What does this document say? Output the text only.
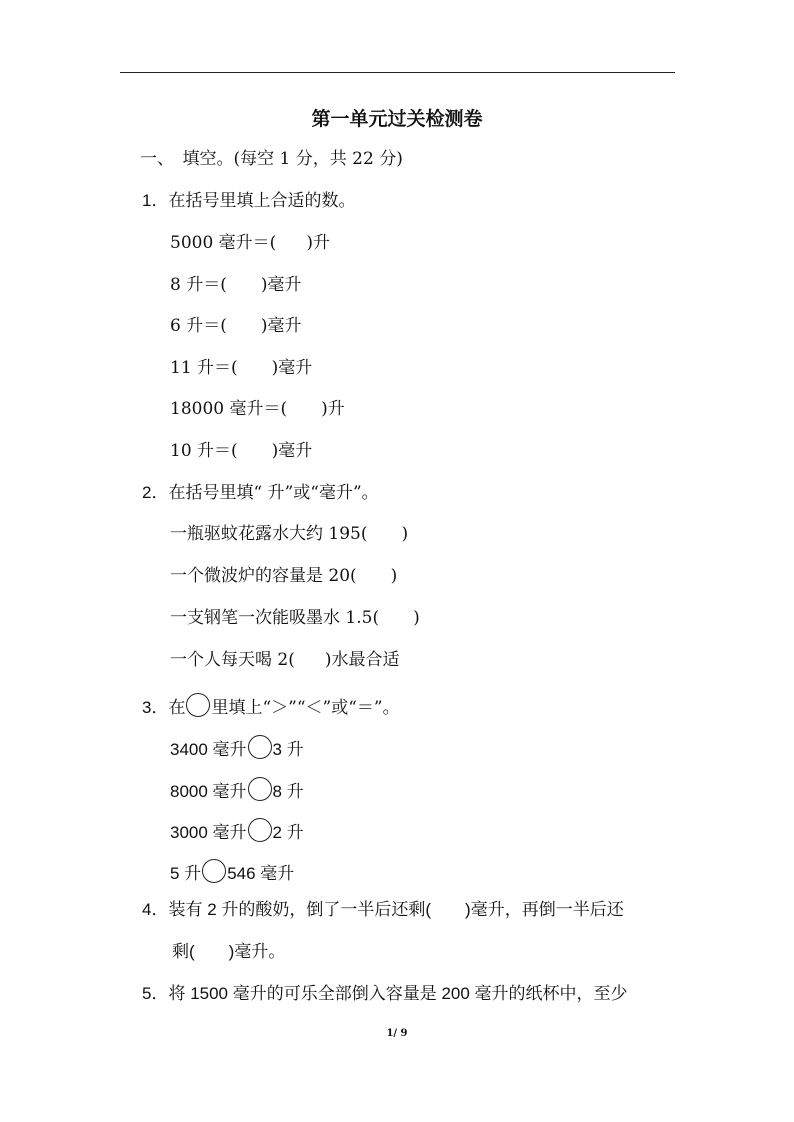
第一单元过关检测卷
一、　填空。(每空 1 分，共 22 分)
1．在括号里填上合适的数。
5000 毫升＝( )升
8 升＝( )毫升
6 升＝( )毫升
11 升＝( )毫升
18000 毫升＝( )升
10 升＝( )毫升
2．在括号里填“ 升”或“毫升”。
一瓶驱蚊花露水大约 195( )
一个微波炉的容量是 20( )
一支钢笔一次能吸墨水 1.5( )
一个人每天喝 2( )水最合适
3．在 里填上“＞”“＜”或“＝”。
3400 毫升 3 升
8000 毫升 8 升
3000 毫升 2 升
5 升 546 毫升
4．装有 2 升的酸奶，倒了一半后还剩( )毫升，再倒一半后还
剩( )毫升。
5．将 1500 毫升的可乐全部倒入容量是 200 毫升的纸杯中，至少
1/ 9
